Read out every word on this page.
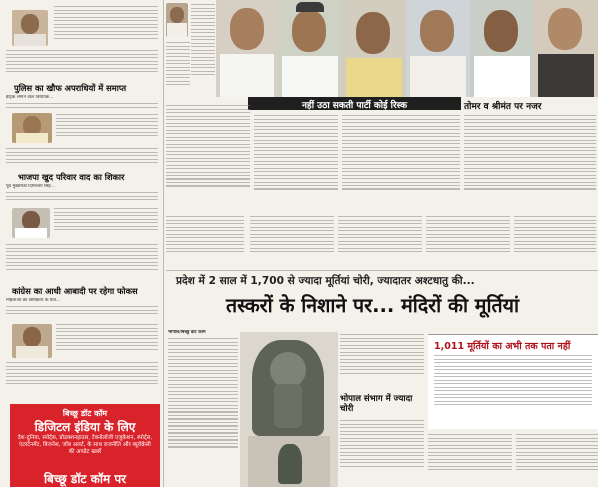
पुलिस का खौफ अपराधियों में समाप्त
हैट्रिक लगाने वाले विधायक...
भाजपा खुद परिवार वाद का शिकार
पूर्व मुख्यमंत्री दिग्विजय सिंह...
कांग्रेस का आधी आबादी पर रहेगा फोकस
महिलाओं को अधिकारों के प्रति...
बिच्छू डॉट कॉम
डिजिटल इंडिया के लिए
देश-दुनिया, स्पोर्ट्स, प्रोडक्शनहाउस, टेक्नोलॉजी एजुकेशन, स्पोर्ट्स, एंटरटेनमेंट, बिजनेस, जॉब अलर्ट, के साथ राजनीति और ब्यूरोक्रेसी की अपडेट खबरें
बिच्छू डॉट कॉम पर
नहीं उठा सकती पार्टी कोई रिस्क	तोमर व श्रीमंत पर नजर
प्रदेश में 2 साल में 1,700 से ज्यादा मूर्तियां चोरी, ज्यादातर अश्टधातु की...
तस्करों के निशाने पर... मंदिरों की मूर्तियां
भोपाल/बिच्छू डॉट कॉम
भोपाल संभाग में ज्यादा चोरी
1,011 मूर्तियों का अभी तक पता नहीं
